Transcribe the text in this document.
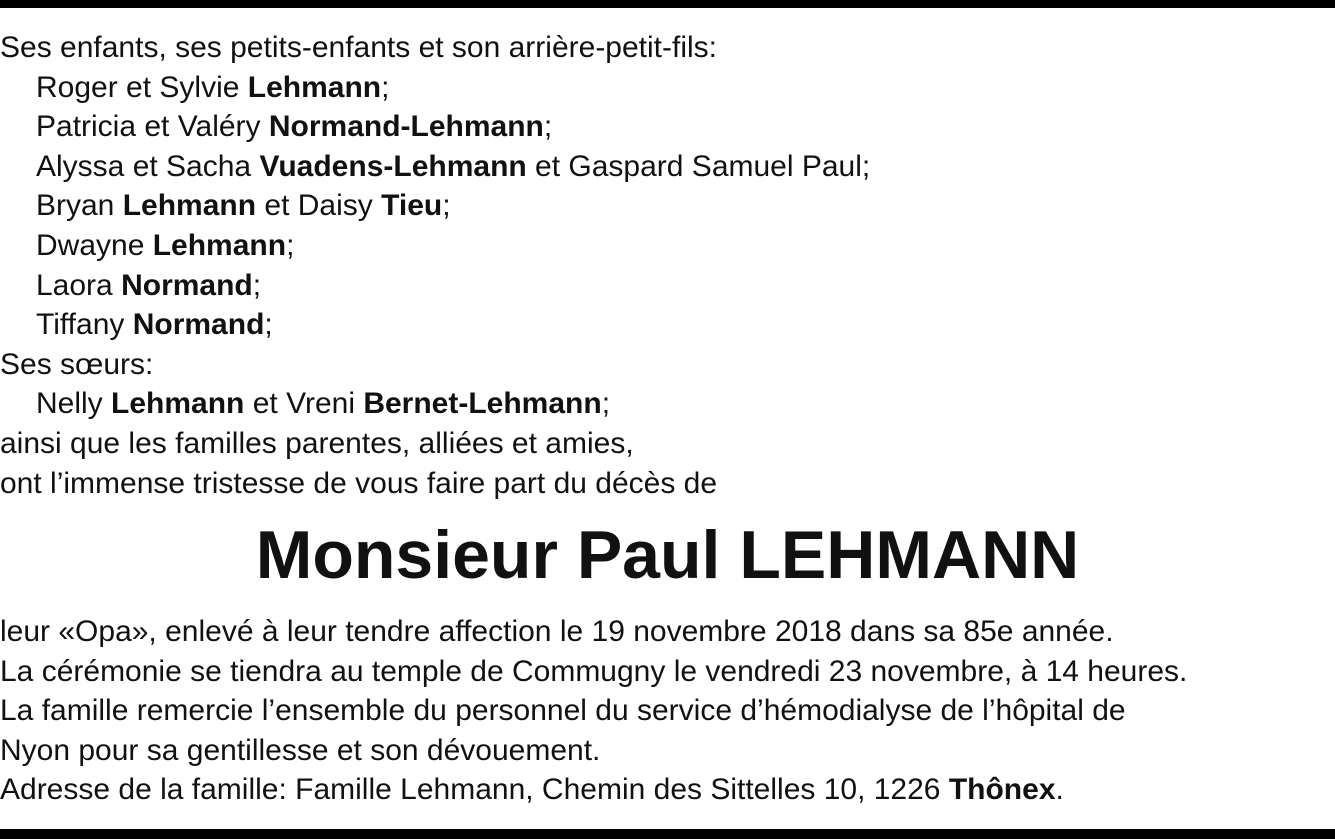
Ses enfants, ses petits-enfants et son arrière-petit-fils:
Roger et Sylvie Lehmann;
Patricia et Valéry Normand-Lehmann;
Alyssa et Sacha Vuadens-Lehmann et Gaspard Samuel Paul;
Bryan Lehmann et Daisy Tieu;
Dwayne Lehmann;
Laora Normand;
Tiffany Normand;
Ses sœurs:
Nelly Lehmann et Vreni Bernet-Lehmann;
ainsi que les familles parentes, alliées et amies,
ont l’immense tristesse de vous faire part du décès de
Monsieur Paul LEHMANN
leur «Opa», enlevé à leur tendre affection le 19 novembre 2018 dans sa 85e année.
La cérémonie se tiendra au temple de Commugny le vendredi 23 novembre, à 14 heures.
La famille remercie l’ensemble du personnel du service d’hémodialyse de l’hôpital de
Nyon pour sa gentillesse et son dévouement.
Adresse de la famille: Famille Lehmann, Chemin des Sittelles 10, 1226 Thônex.
